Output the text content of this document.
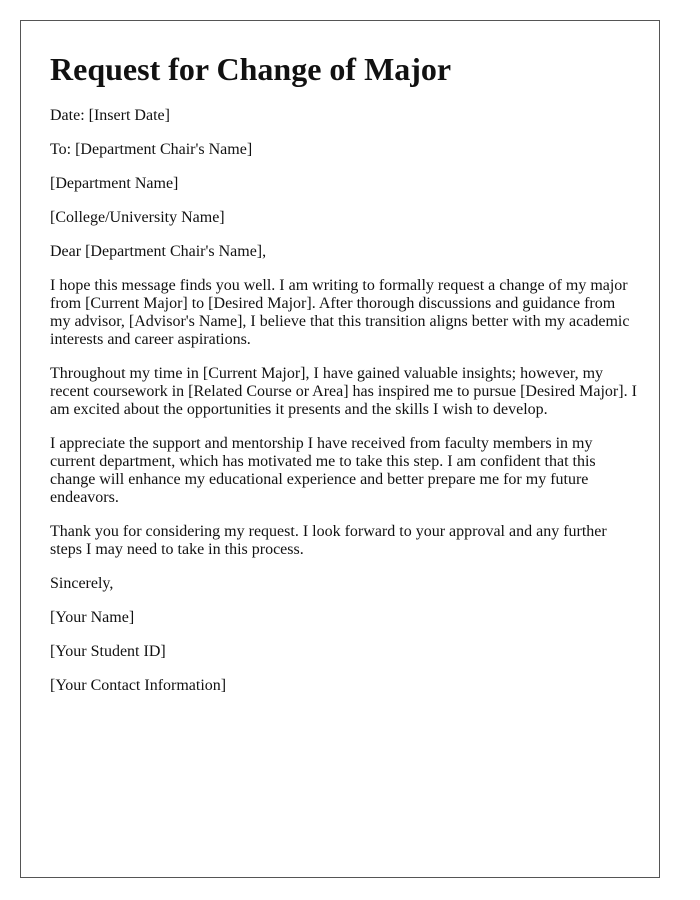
Request for Change of Major

Date: [Insert Date]

To: [Department Chair's Name]

[Department Name]

[College/University Name]

Dear [Department Chair's Name],

I hope this message finds you well. I am writing to formally request a change of my major from [Current Major] to [Desired Major]. After thorough discussions and guidance from my advisor, [Advisor's Name], I believe that this transition aligns better with my academic interests and career aspirations.

Throughout my time in [Current Major], I have gained valuable insights; however, my recent coursework in [Related Course or Area] has inspired me to pursue [Desired Major]. I am excited about the opportunities it presents and the skills I wish to develop.

I appreciate the support and mentorship I have received from faculty members in my current department, which has motivated me to take this step. I am confident that this change will enhance my educational experience and better prepare me for my future endeavors.

Thank you for considering my request. I look forward to your approval and any further steps I may need to take in this process.

Sincerely,

[Your Name]

[Your Student ID]

[Your Contact Information]
